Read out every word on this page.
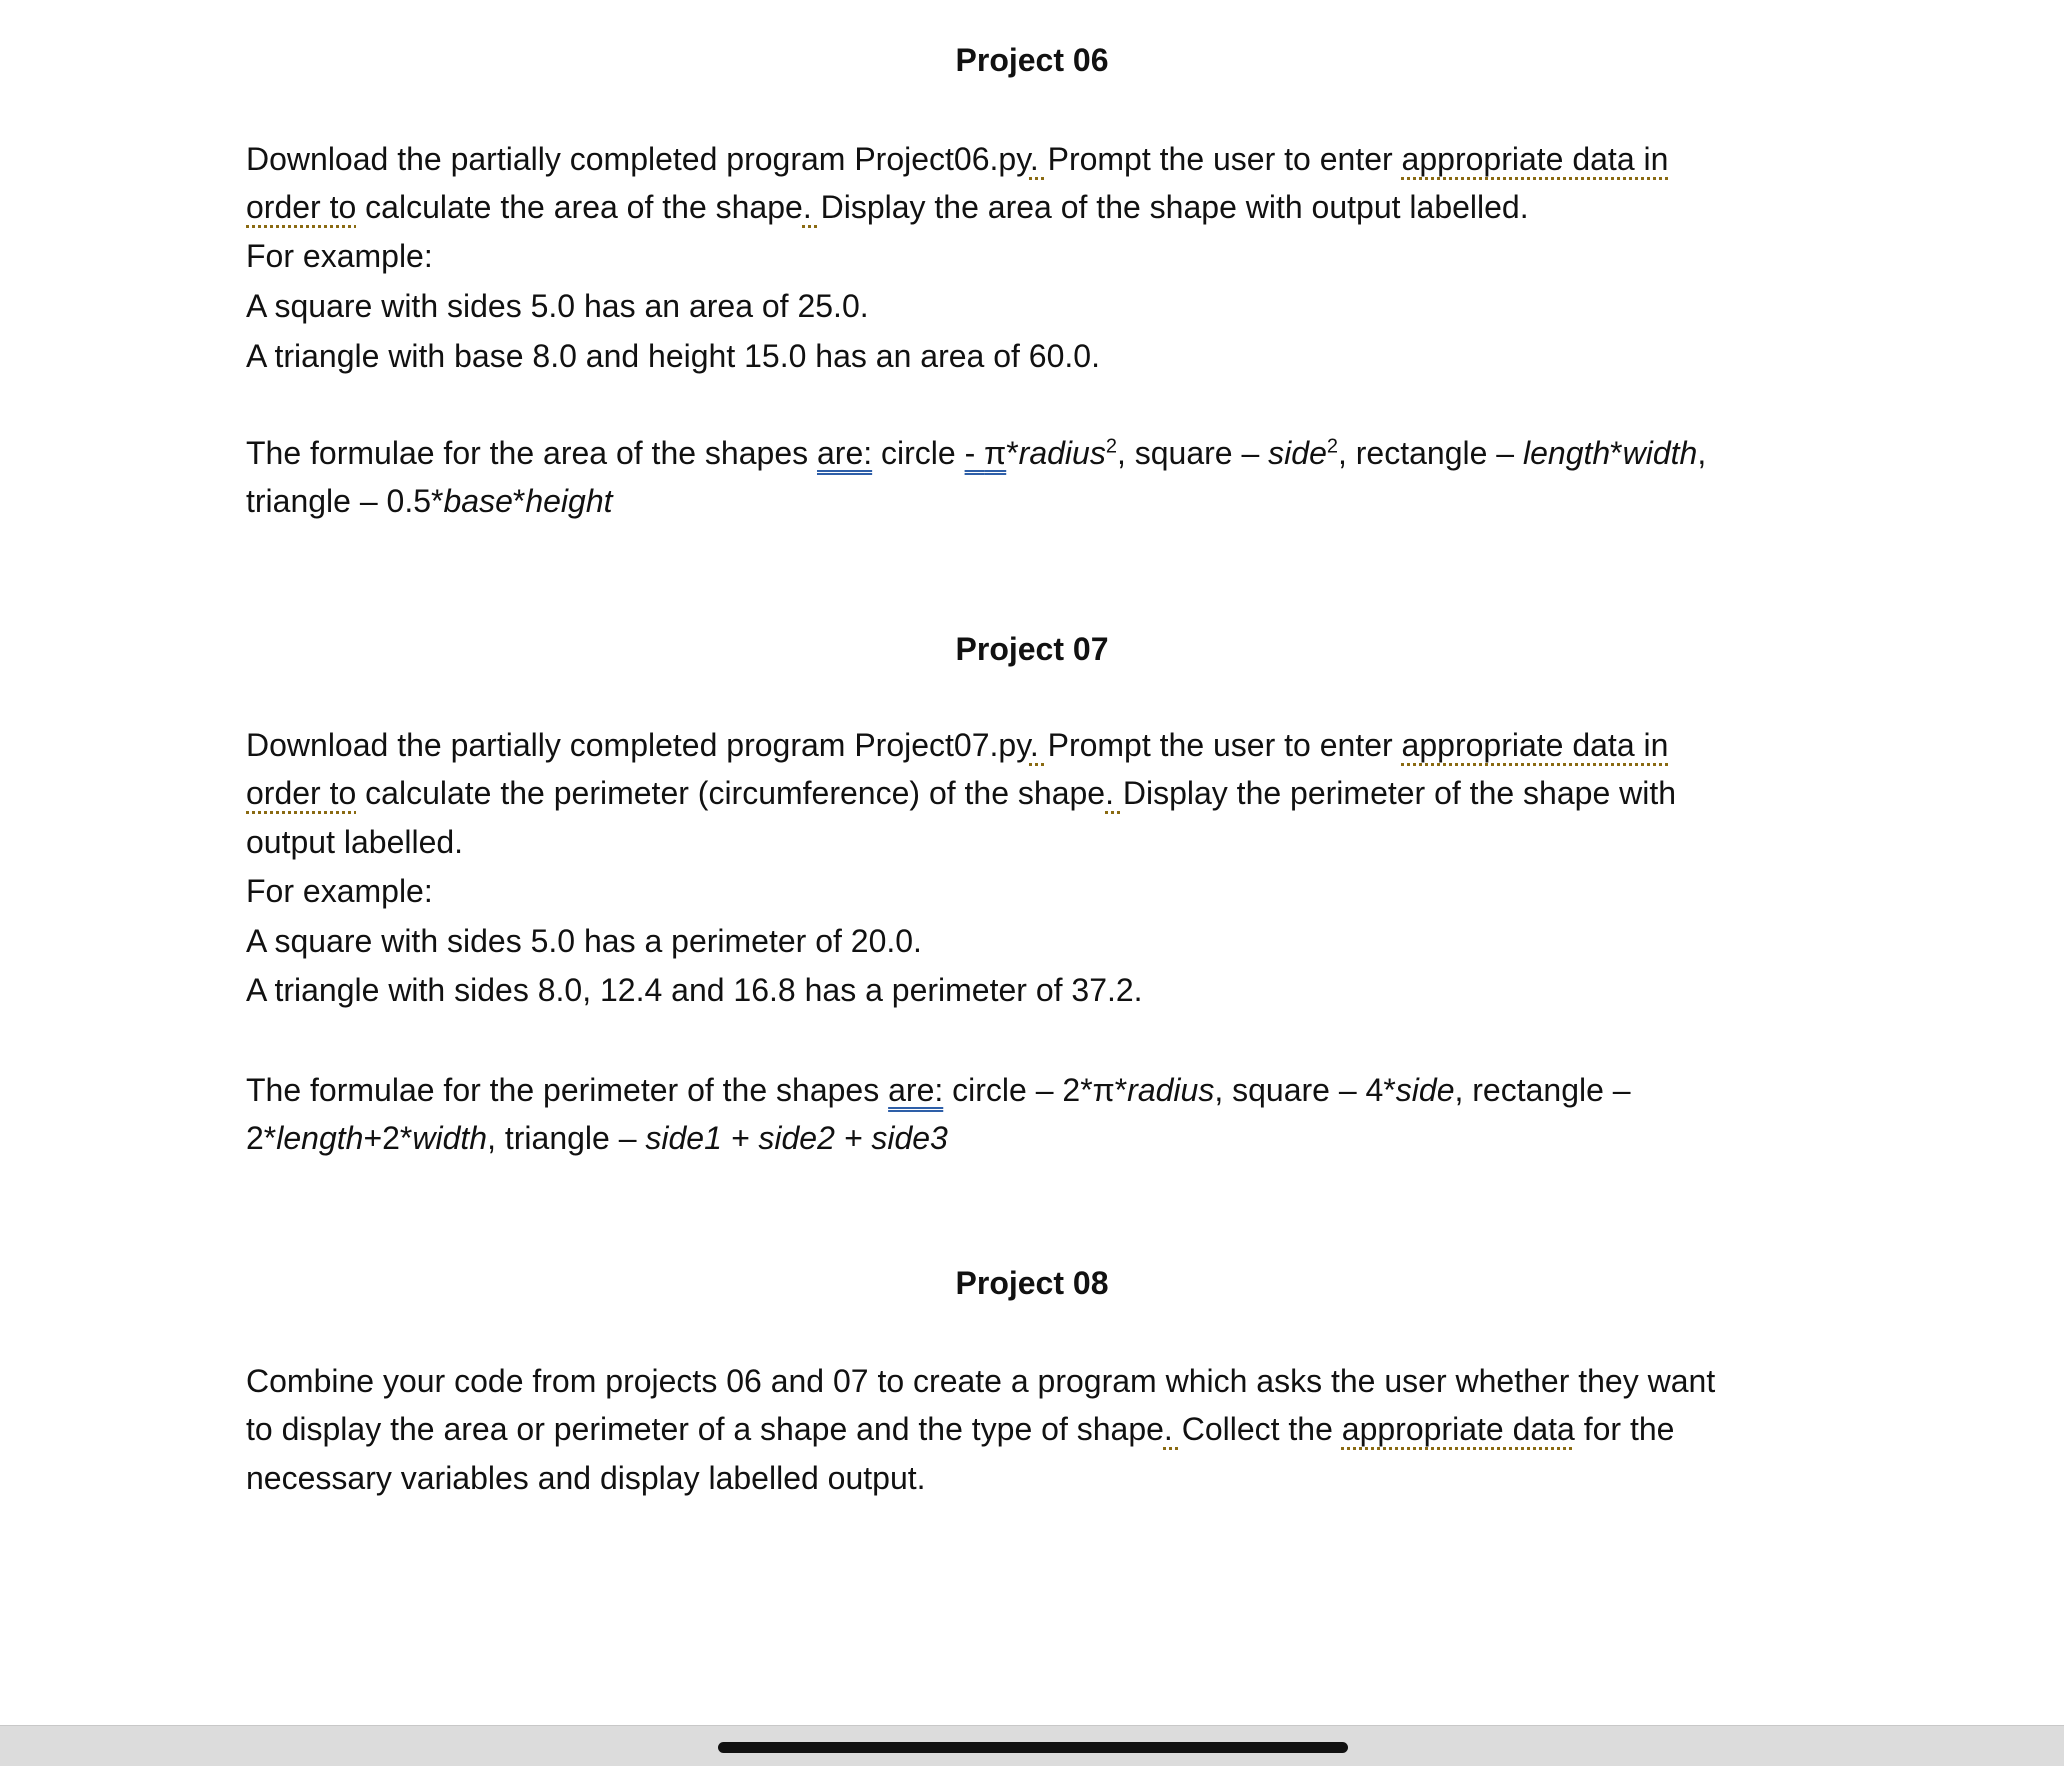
Project 06

Download the partially completed program Project06.py. Prompt the user to enter appropriate data in

order to calculate the area of the shape. Display the area of the shape with output labelled.

For example:

A square with sides 5.0 has an area of 25.0.

A triangle with base 8.0 and height 15.0 has an area of 60.0.

The formulae for the area of the shapes are: circle - π*radius$^2$, square – side$^2$, rectangle – length*width,

triangle – 0.5*base*height

Project 07

Download the partially completed program Project07.py. Prompt the user to enter appropriate data in

order to calculate the perimeter (circumference) of the shape. Display the perimeter of the shape with

output labelled.

For example:

A square with sides 5.0 has a perimeter of 20.0.

A triangle with sides 8.0, 12.4 and 16.8 has a perimeter of 37.2.

The formulae for the perimeter of the shapes are: circle – 2*π*radius, square – 4*side, rectangle –

2*length+2*width, triangle – side1 + side2 + side3

Project 08

Combine your code from projects 06 and 07 to create a program which asks the user whether they want

to display the area or perimeter of a shape and the type of shape. Collect the appropriate data for the

necessary variables and display labelled output.
